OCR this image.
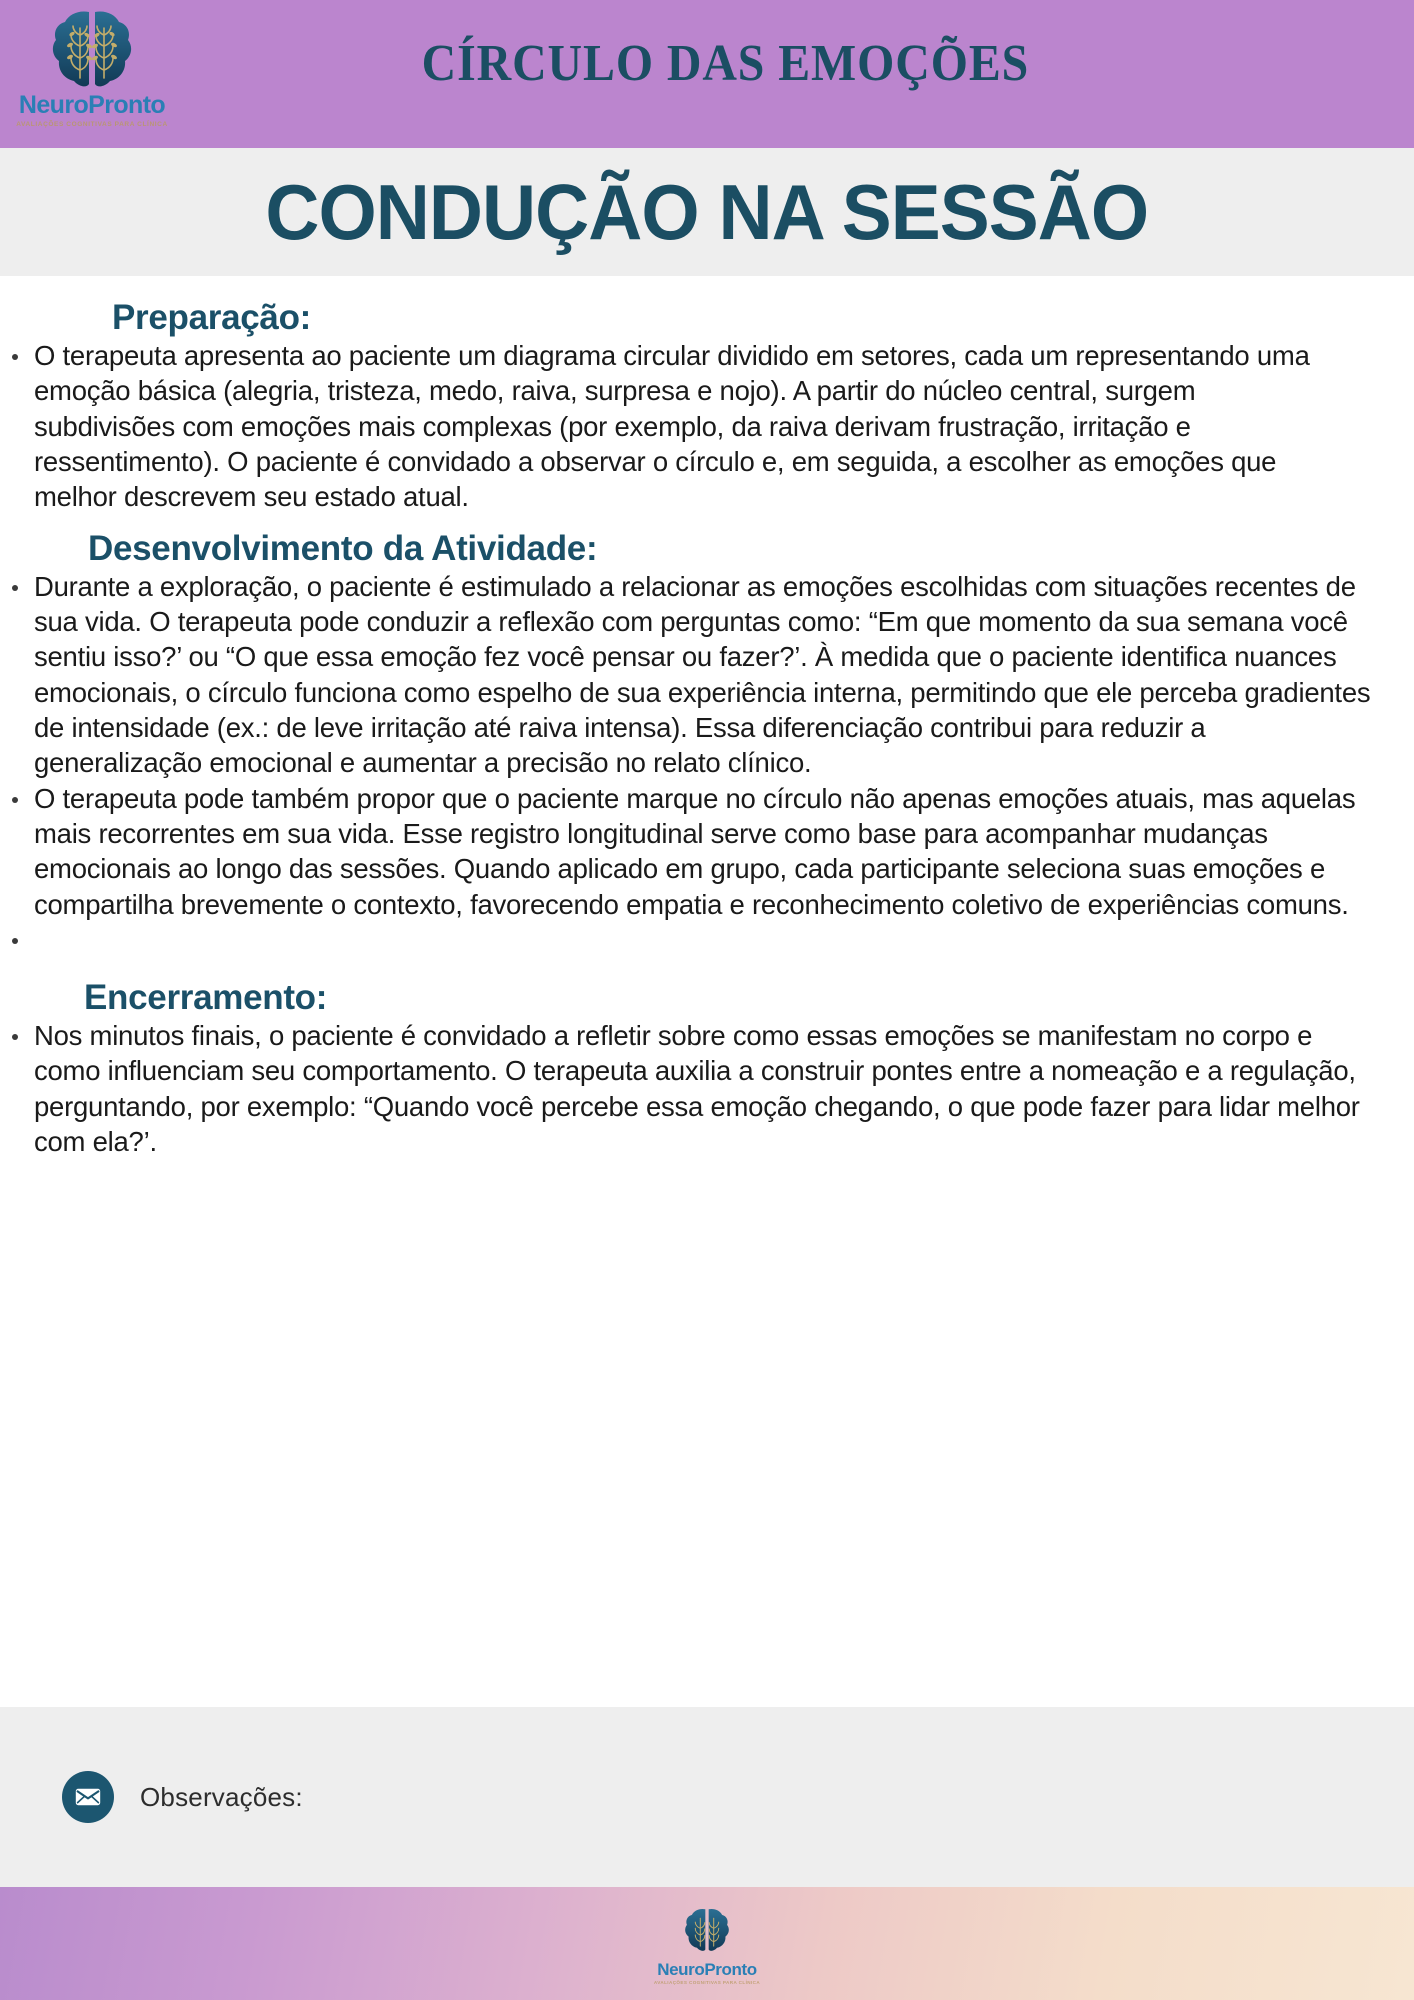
NeuroPronto
AVALIAÇÕES COGNITIVAS PARA CLÍNICA
CÍRCULO DAS EMOÇÕES
CONDUÇÃO NA SESSÃO
Preparação:
O terapeuta apresenta ao paciente um diagrama circular dividido em setores, cada um representando uma emoção básica (alegria, tristeza, medo, raiva, surpresa e nojo). A partir do núcleo central, surgem subdivisões com emoções mais complexas (por exemplo, da raiva derivam frustração, irritação e ressentimento). O paciente é convidado a observar o círculo e, em seguida, a escolher as emoções que melhor descrevem seu estado atual.
Desenvolvimento da Atividade:
Durante a exploração, o paciente é estimulado a relacionar as emoções escolhidas com situações recentes de sua vida. O terapeuta pode conduzir a reflexão com perguntas como: “Em que momento da sua semana você sentiu isso?’ ou “O que essa emoção fez você pensar ou fazer?’. À medida que o paciente identifica nuances emocionais, o círculo funciona como espelho de sua experiência interna, permitindo que ele perceba gradientes de intensidade (ex.: de leve irritação até raiva intensa). Essa diferenciação contribui para reduzir a generalização emocional e aumentar a precisão no relato clínico.
O terapeuta pode também propor que o paciente marque no círculo não apenas emoções atuais, mas aquelas mais recorrentes em sua vida. Esse registro longitudinal serve como base para acompanhar mudanças emocionais ao longo das sessões. Quando aplicado em grupo, cada participante seleciona suas emoções e compartilha brevemente o contexto, favorecendo empatia e reconhecimento coletivo de experiências comuns.
Encerramento:
Nos minutos finais, o paciente é convidado a refletir sobre como essas emoções se manifestam no corpo e como influenciam seu comportamento. O terapeuta auxilia a construir pontes entre a nomeação e a regulação, perguntando, por exemplo: “Quando você percebe essa emoção chegando, o que pode fazer para lidar melhor com ela?’.
Observações:
NeuroPronto
AVALIAÇÕES COGNITIVAS PARA CLÍNICA
